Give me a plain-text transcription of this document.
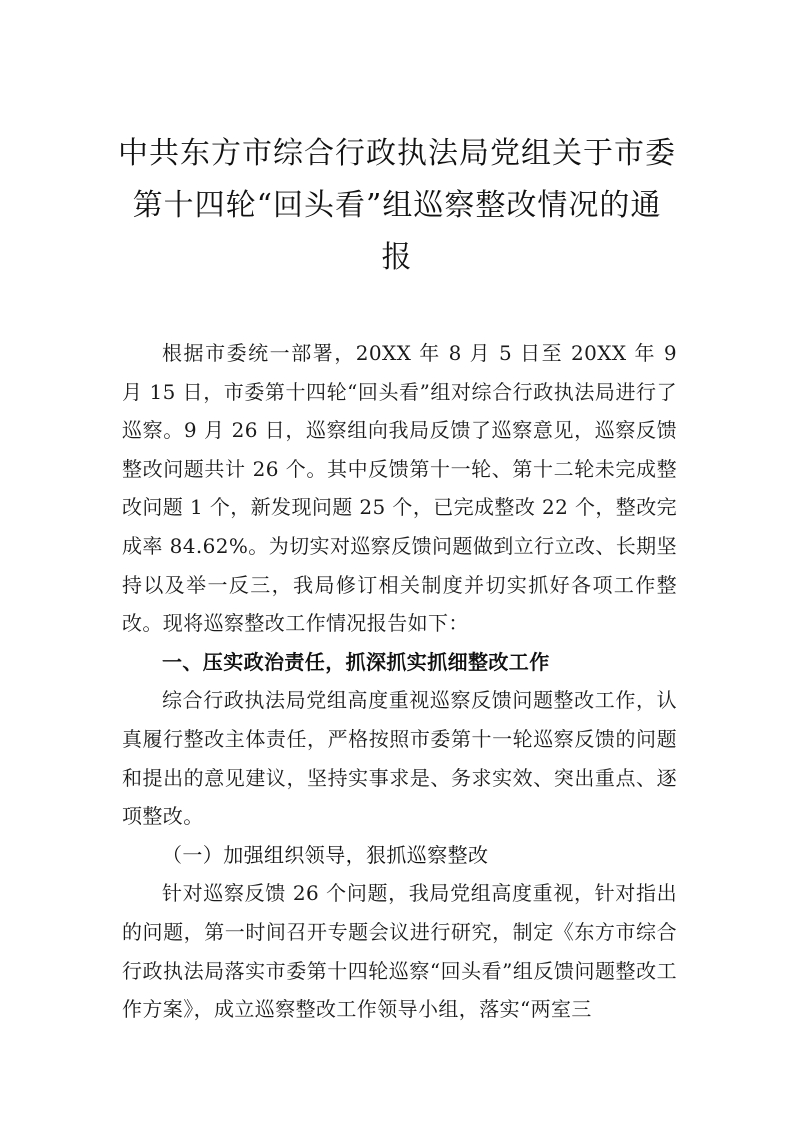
中共东方市综合行政执法局党组关于市委
第十四轮“回头看”组巡察整改情况的通
报

根据市委统一部署，20XX 年 8 月 5 日至 20XX 年 9 月 15 日，市委第十四轮“回头看”组对综合行政执法局进行了巡察。9 月 26 日，巡察组向我局反馈了巡察意见，巡察反馈整改问题共计 26 个。其中反馈第十一轮、第十二轮未完成整改问题 1 个，新发现问题 25 个，已完成整改 22 个，整改完成率 84.62%。为切实对巡察反馈问题做到立行立改、长期坚持以及举一反三，我局修订相关制度并切实抓好各项工作整改。现将巡察整改工作情况报告如下：

一、压实政治责任，抓深抓实抓细整改工作

综合行政执法局党组高度重视巡察反馈问题整改工作，认真履行整改主体责任，严格按照市委第十一轮巡察反馈的问题和提出的意见建议，坚持实事求是、务求实效、突出重点、逐项整改。

（一）加强组织领导，狠抓巡察整改

针对巡察反馈 26 个问题，我局党组高度重视，针对指出的问题，第一时间召开专题会议进行研究，制定《东方市综合行政执法局落实市委第十四轮巡察“回头看”组反馈问题整改工作方案》，成立巡察整改工作领导小组，落实“两室三
